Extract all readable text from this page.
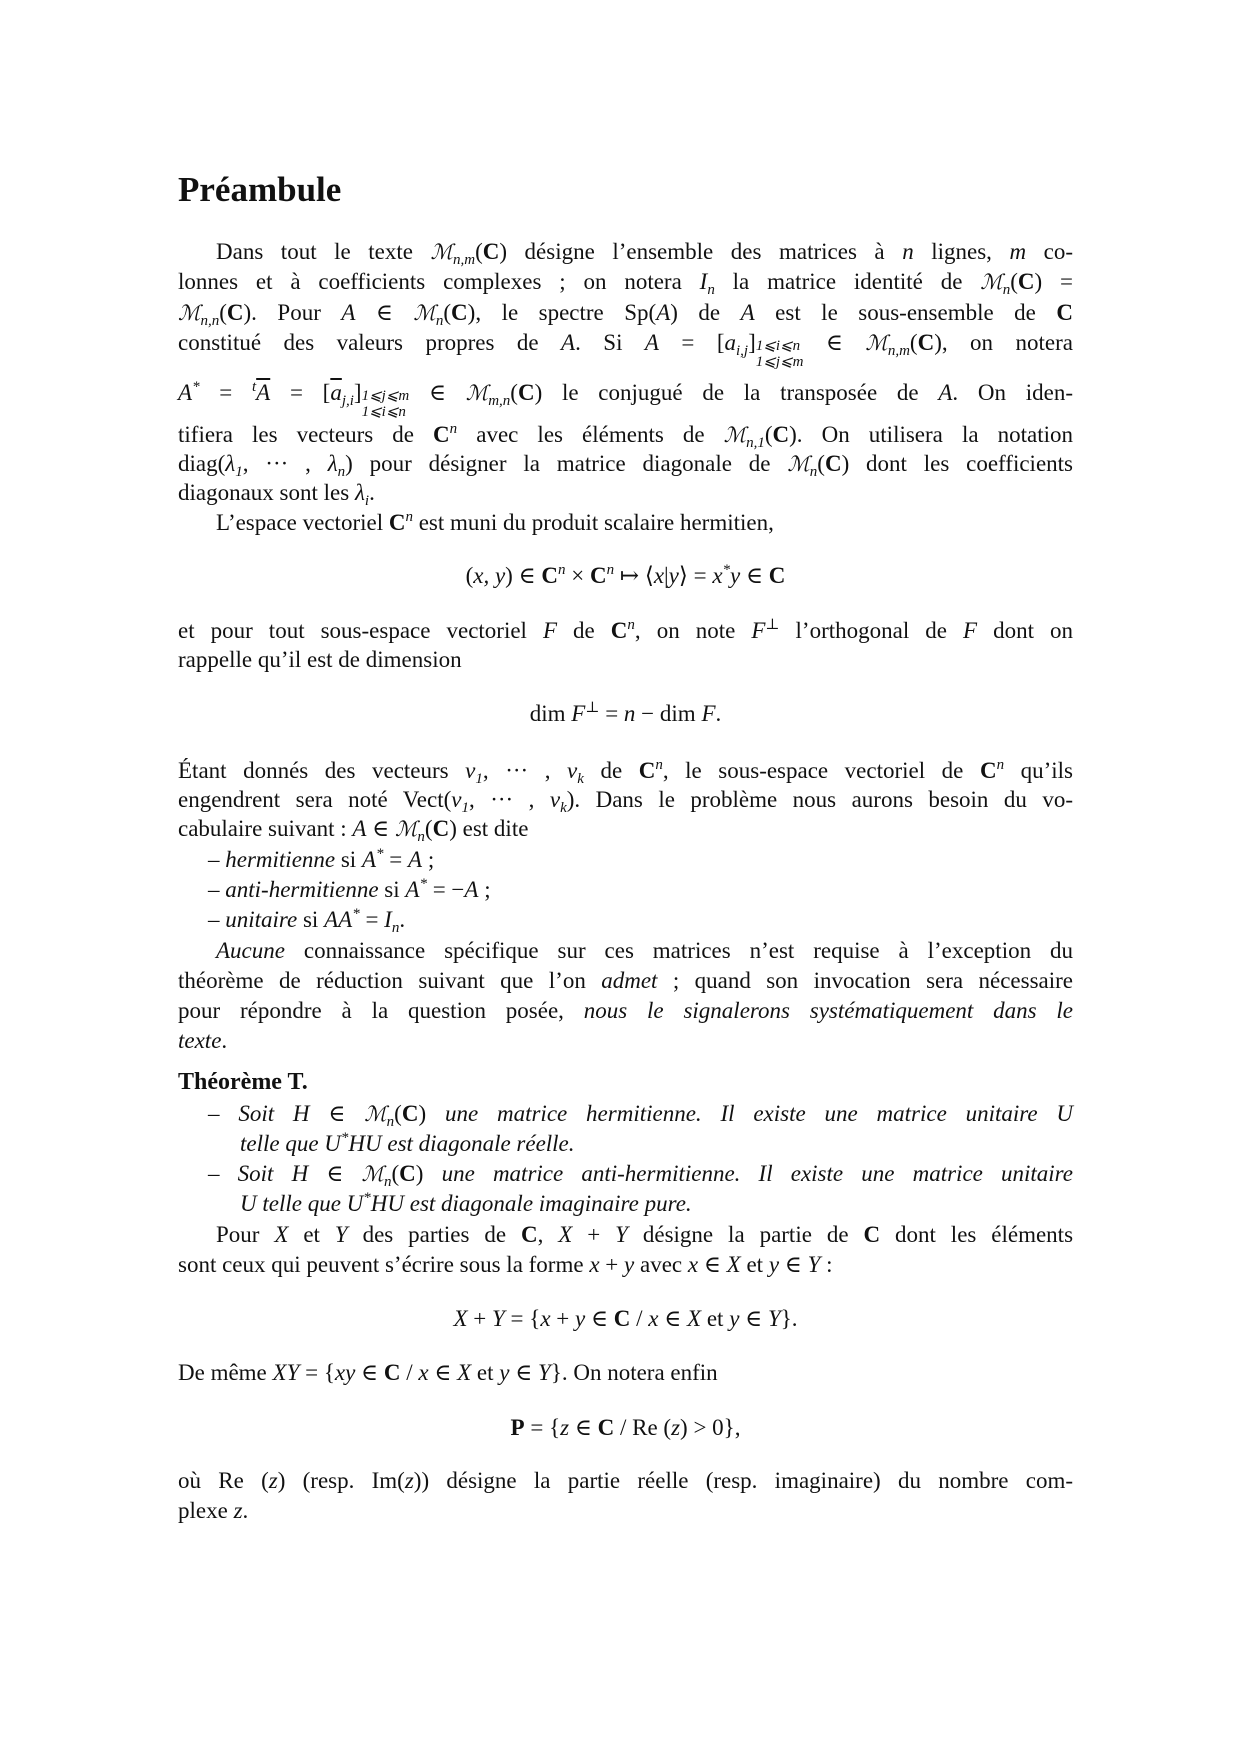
Préambule
Dans tout le texte ℳ$_{n,m}$(C) désigne l’ensemble des matrices à n lignes, m co-
lonnes et à coefficients complexes ; on notera $I_n$ la matrice identité de ℳ$_n$(C) =
ℳ$_{n,n}$(C). Pour A ∈ ℳ$_n$(C), le spectre Sp(A) de A est le sous-ensemble de C
constitué des valeurs propres de A. Si $A = [a_{i,j}]$ 1⩽i⩽n
1⩽j⩽m
∈ ℳ$_{n,m}$(C), on notera
$A^* = ^t\overline{A} = [\overline{a}_{j,i}]$ 1⩽j⩽m
1⩽i⩽n
∈ ℳ$_{m,n}$(C) le conjugué de la transposée de A. On iden-
tifiera les vecteurs de $C^n$ avec les éléments de ℳ$_{n,1}$(C). On utilisera la notation
$diag(\lambda_1$, ··· , $\lambda_n$) pour désigner la matrice diagonale de ℳ$_n$(C) dont les coefficients
diagonaux sont les $\lambda_i$.
L’espace vectoriel $C^n$ est muni du produit scalaire hermitien,
(x, y) ∈ $C^n \times C^n$ ↦ ⟨x|y⟩ = x*y ∈ C
et pour tout sous-espace vectoriel F de $C^n$, on note F⊥ l’orthogonal de F dont on
rappelle qu’il est de dimension
dim F⊥ = n − dim F.
Étant donnés des vecteurs $v_1$, ··· , $v_k$ de $C^n$, le sous-espace vectoriel de $C^n$ qu’ils
engendrent sera noté $Vect(v_1$, ··· , $v_k$). Dans le problème nous aurons besoin du vo-
cabulaire suivant : A ∈ ℳ$_n$(C) est dite
– hermitienne si A* = A ;
– anti-hermitienne si A* = −A ;
– unitaire si $AA^* = I_n$.
Aucune connaissance spécifique sur ces matrices n’est requise à l’exception du
théorème de réduction suivant que l’on admet ; quand son invocation sera nécessaire
pour répondre à la question posée, nous le signalerons systématiquement dans le
texte.
Théorème T.
– Soit H ∈ ℳ$_n$(C) une matrice hermitienne. Il existe une matrice unitaire U
telle que U*HU est diagonale réelle.
– Soit H ∈ ℳ$_n$(C) une matrice anti-hermitienne. Il existe une matrice unitaire
U telle que U*HU est diagonale imaginaire pure.
Pour X et Y des parties de C, X + Y désigne la partie de C dont les éléments
sont ceux qui peuvent s’écrire sous la forme x + y avec x ∈ X et y ∈ Y :
X + Y = {x + y ∈ C / x ∈ X et y ∈ Y}.
De même XY = {xy ∈ C / x ∈ X et y ∈ Y}. On notera enfin
P = {z ∈ C / Re (z) > 0},
où Re (z) (resp. Im(z)) désigne la partie réelle (resp. imaginaire) du nombre com-
plexe z.
